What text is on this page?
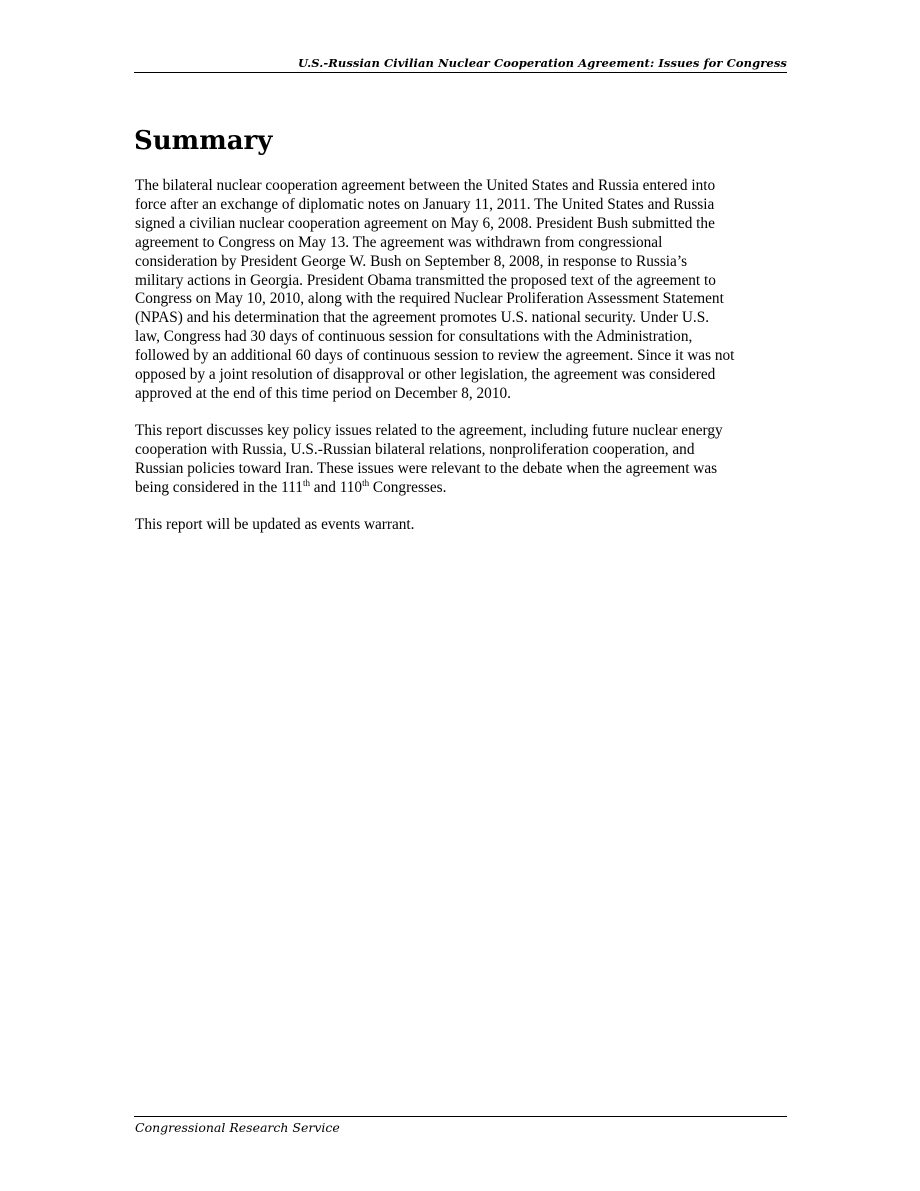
U.S.-Russian Civilian Nuclear Cooperation Agreement: Issues for Congress
Summary

The bilateral nuclear cooperation agreement between the United States and Russia entered into
force after an exchange of diplomatic notes on January 11, 2011. The United States and Russia
signed a civilian nuclear cooperation agreement on May 6, 2008. President Bush submitted the
agreement to Congress on May 13. The agreement was withdrawn from congressional
consideration by President George W. Bush on September 8, 2008, in response to Russia’s
military actions in Georgia. President Obama transmitted the proposed text of the agreement to
Congress on May 10, 2010, along with the required Nuclear Proliferation Assessment Statement
(NPAS) and his determination that the agreement promotes U.S. national security. Under U.S.
law, Congress had 30 days of continuous session for consultations with the Administration,
followed by an additional 60 days of continuous session to review the agreement. Since it was not
opposed by a joint resolution of disapproval or other legislation, the agreement was considered
approved at the end of this time period on December 8, 2010.

This report discusses key policy issues related to the agreement, including future nuclear energy
cooperation with Russia, U.S.-Russian bilateral relations, nonproliferation cooperation, and
Russian policies toward Iran. These issues were relevant to the debate when the agreement was
being considered in the 111th and 110th Congresses.

This report will be updated as events warrant.

Congressional Research Service
